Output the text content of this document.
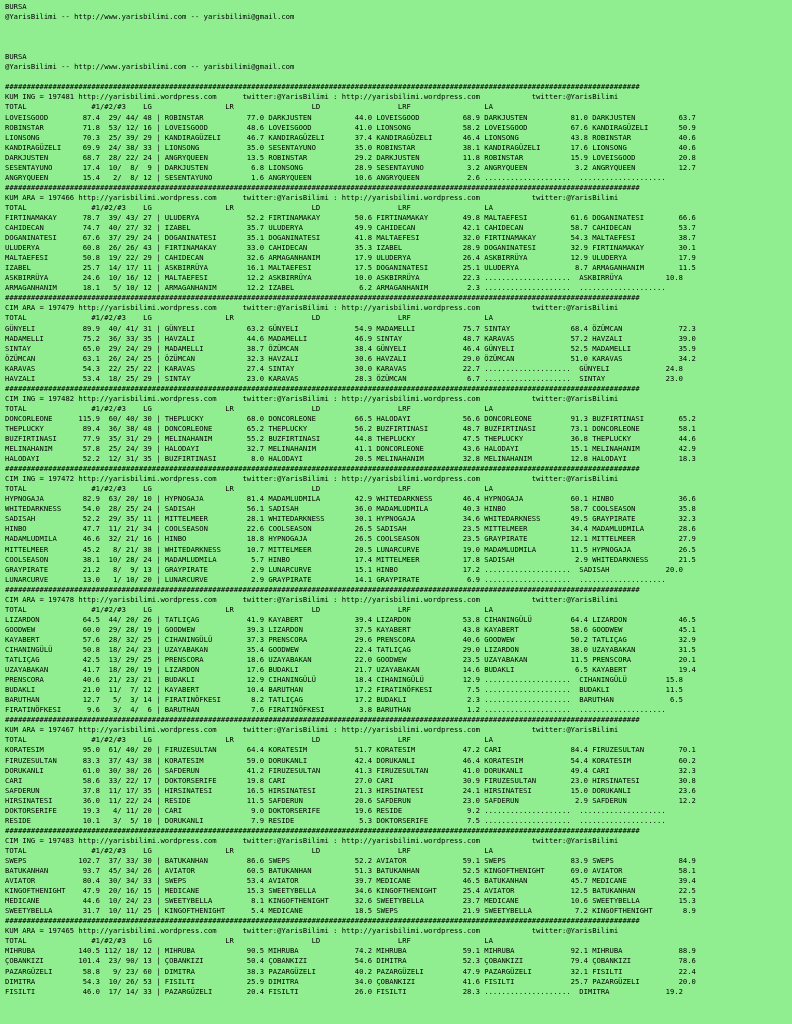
BURSA
@YarisBilimi -- http://www.yarisbilimi.com -- yarisbilimi@gmail.com
BURSA
@YarisBilimi -- http://www.yarisbilimi.com -- yarisbilimi@gmail.com
###################################################################################################################################################
KUM ING = 197481 http://yarisbilimi.wordpress.com      twitter:@YarisBilimi : http://yarisbilimi.wordpress.com            twitter:@YarisBilimi
TOTAL               #1/#2/#3    LG                 LR                  LD                  LRF                 LA
LOVEISGOOD        87.4  29/ 44/ 48 | ROBINSTAR          77.0 DARKJUSTEN          44.0 LOVEISGOOD          68.9 DARKJUSTEN          81.0 DARKJUSTEN          63.7
ROBINSTAR         71.8  53/ 12/ 16 | LOVEISGOOD         48.6 LOVEISGOOD          41.0 LIONSONG            58.2 LOVEISGOOD          67.6 KANDIRAGÜZELI       50.9
LIONSONG          70.3  25/ 39/ 29 | KANDIRAGÜZELI      46.7 KANDIRAGÜZELI       37.4 KANDIRAGÜZELI       46.4 LIONSONG            43.8 ROBINSTAR           40.6
KANDIRAGÜZELI     69.9  24/ 38/ 33 | LIONSONG           35.0 SESENTAYUNO         35.0 ROBINSTAR           38.1 KANDIRAGÜZELI       17.6 LIONSONG            40.6
DARKJUSTEN        68.7  28/ 22/ 24 | ANGRYQUEEN         13.5 ROBINSTAR           29.2 DARKJUSTEN          11.8 ROBINSTAR           15.9 LOVEISGOOD          20.8
SESENTAYUNO       17.4  10/  8/  9 | DARKJUSTEN          6.8 LIONSONG            28.9 SESENTAYUNO          3.2 ANGRYQUEEN           3.2 ANGRYQUEEN          12.7
ANGRYQUEEN        15.4   2/  8/ 12 | SESENTAYUNO         1.6 ANGRYQUEEN          10.6 ANGRYQUEEN           2.6 ....................  ....................
###################################################################################################################################################
KUM ARA = 197466 http://yarisbilimi.wordpress.com      twitter:@YarisBilimi : http://yarisbilimi.wordpress.com            twitter:@YarisBilimi
TOTAL               #1/#2/#3    LG                 LR                  LD                  LRF                 LA
FIRTINAMAKAY      78.7  39/ 43/ 27 | ULUDERYA           52.2 FIRTINAMAKAY        50.6 FIRTINAMAKAY        49.8 MALTAEFESI          61.6 DOGANINATESI        66.6
CAHIDECAN         74.7  40/ 27/ 32 | IZABEL             35.7 ULUDERYA            49.9 CAHIDECAN           42.1 CAHIDECAN           58.7 CAHIDECAN           53.7
DOGANINATESI      67.6  37/ 29/ 24 | DOGANINATESI       35.1 DOGANINATESI        41.8 MALTAEFESI          32.0 FIRTINAMAKAY        54.3 MALTAEFESI          38.7
ULUDERYA          60.8  26/ 26/ 43 | FIRTINAMAKAY       33.0 CAHIDECAN           35.3 IZABEL              28.9 DOGANINATESI        32.9 FIRTINAMAKAY        30.1
MALTAEFESI        50.8  19/ 22/ 29 | CAHIDECAN          32.6 ARMAGANHANIM        17.9 ULUDERYA            26.4 ASKBIRRÜYA          12.9 ULUDERYA            17.9
IZABEL            25.7  14/ 17/ 11 | ASKBIRRÜYA         16.1 MALTAEFESI          17.5 DOGANINATESI        25.1 ULUDERYA             8.7 ARMAGANHANIM        11.5
ASKBIRRÜYA        24.6  10/ 16/ 12 | MALTAEFESI         12.2 ASKBIRRÜYA          10.0 ASKBIRRÜYA          22.3 ....................  ASKBIRRÜYA          10.8
ARMAGANHANIM      18.1   5/ 10/ 12 | ARMAGANHANIM       12.2 IZABEL               6.2 ARMAGANHANIM         2.3 ....................  ....................
###################################################################################################################################################
CIM ARA = 197479 http://yarisbilimi.wordpress.com      twitter:@YarisBilimi : http://yarisbilimi.wordpress.com            twitter:@YarisBilimi
TOTAL               #1/#2/#3    LG                 LR                  LD                  LRF                 LA
GÜNYELI           89.9  40/ 41/ 31 | GÜNYELI            63.2 GÜNYELI             54.9 MADAMELLI           75.7 SINTAY              68.4 ÖZÜMCAN             72.3
MADAMELLI         75.2  36/ 33/ 35 | HAVZALI            44.6 MADAMELLI           46.9 SINTAY              48.7 KARAVAS             57.2 HAVZALI             39.0
SINTAY            65.0  29/ 24/ 29 | MADAMELLI          38.7 ÖZÜMCAN             38.4 GÜNYELI             46.4 GÜNYELI             52.5 MADAMELLI           35.9
ÖZÜMCAN           63.1  26/ 24/ 25 | ÖZÜMCAN            32.3 HAVZALI             30.6 HAVZALI             29.0 ÖZÜMCAN             51.0 KARAVAS             34.2
KARAVAS           54.3  22/ 25/ 22 | KARAVAS            27.4 SINTAY              30.0 KARAVAS             22.7 ....................  GÜNYELI             24.8
HAVZALI           53.4  18/ 25/ 29 | SINTAY             23.0 KARAVAS             28.3 ÖZÜMCAN              6.7 ....................  SINTAY              23.0
###################################################################################################################################################
CIM ING = 197482 http://yarisbilimi.wordpress.com      twitter:@YarisBilimi : http://yarisbilimi.wordpress.com            twitter:@YarisBilimi
TOTAL               #1/#2/#3    LG                 LR                  LD                  LRF                 LA
DONCORLEONE      115.9  60/ 40/ 30 | THEPLUCKY          68.0 DONCORLEONE         66.5 HALODAYI            56.6 DONCORLEONE         91.3 BUZFIRTINASI        65.2
THEPLUCKY         89.4  36/ 38/ 48 | DONCORLEONE        65.2 THEPLUCKY           56.2 BUZFIRTINASI        48.7 BUZFIRTINASI        73.1 DONCORLEONE         58.1
BUZFIRTINASI      77.9  35/ 31/ 29 | MELINAHANIM        55.2 BUZFIRTINASI        44.8 THEPLUCKY           47.5 THEPLUCKY           36.8 THEPLUCKY           44.6
MELINAHANIM       57.8  25/ 24/ 39 | HALODAYI           32.7 MELINAHANIM         41.1 DONCORLEONE         43.6 HALODAYI            15.1 MELINAHANIM         42.9
HALODAYI          52.2  12/ 31/ 35 | BUZFIRTINASI        8.0 HALODAYI            20.5 MELINAHANIM         32.8 MELINAHANIM         12.8 HALODAYI            18.3
###################################################################################################################################################
CIM ING = 197472 http://yarisbilimi.wordpress.com      twitter:@YarisBilimi : http://yarisbilimi.wordpress.com            twitter:@YarisBilimi
TOTAL               #1/#2/#3    LG                 LR                  LD                  LRF                 LA
HYPNOGAJA         82.9  63/ 20/ 10 | HYPNOGAJA          81.4 MADAMLUDMILA        42.9 WHITEDARKNESS       46.4 HYPNOGAJA           60.1 HINBO               36.6
WHITEDARKNESS     54.0  28/ 25/ 24 | SADISAH            56.1 SADISAH             36.0 MADAMLUDMILA        40.3 HINBO               58.7 COOLSEASON          35.8
SADISAH           52.2  29/ 35/ 11 | MITTELMEER         28.1 WHITEDARKNESS       30.1 HYPNOGAJA           34.6 WHITEDARKNESS       49.5 GRAYPIRATE          32.3
HINBO             47.7  11/ 21/ 34 | COOLSEASON         22.6 COOLSEASON          26.5 SADISAH             23.5 MITTELMEER          34.4 MADAMLUDMILA        28.6
MADAMLUDMILA      46.6  32/ 21/ 16 | HINBO              18.8 HYPNOGAJA           26.5 COOLSEASON          23.5 GRAYPIRATE          12.1 MITTELMEER          27.9
MITTELMEER        45.2   8/ 21/ 38 | WHITEDARKNESS      10.7 MITTELMEER          20.5 LUNARCURVE          19.0 MADAMLUDMILA        11.5 HYPNOGAJA           26.5
COOLSEASON        38.1  10/ 28/ 24 | MADAMLUDMILA        5.7 HINBO               17.4 MITTELMEER          17.8 SADISAH              2.9 WHITEDARKNESS       21.5
GRAYPIRATE        21.2   8/  9/ 13 | GRAYPIRATE          2.9 LUNARCURVE          15.1 HINBO               17.2 ....................  SADISAH             20.0
LUNARCURVE        13.0   1/ 10/ 20 | LUNARCURVE          2.9 GRAYPIRATE          14.1 GRAYPIRATE           6.9 ....................  ....................
###################################################################################################################################################
CIM ARA = 197478 http://yarisbilimi.wordpress.com      twitter:@YarisBilimi : http://yarisbilimi.wordpress.com            twitter:@YarisBilimi
TOTAL               #1/#2/#3    LG                 LR                  LD                  LRF                 LA
LIZARDON          64.5  44/ 20/ 26 | TATLIÇAG           41.9 KAYABERT            39.4 LIZARDON            53.8 CIHANINGÜLÜ         64.4 LIZARDON            46.5
GOODWEW           60.0  29/ 28/ 19 | GOODWEW            39.3 LIZARDON            37.5 KAYABERT            43.8 KAYABERT            58.6 GOODWEW             45.1
KAYABERT          57.6  28/ 32/ 25 | CIHANINGÜLÜ        37.3 PRENSCORA           29.6 PRENSCORA           40.6 GOODWEW             50.2 TATLIÇAG            32.9
CIHANINGÜLÜ       50.8  18/ 24/ 23 | UZAYABAKAN         35.4 GOODWEW             22.4 TATLIÇAG            29.0 LIZARDON            38.0 UZAYABAKAN          31.5
TATLIÇAG          42.5  13/ 29/ 25 | PRENSCORA          18.6 UZAYABAKAN          22.0 GOODWEW             23.5 UZAYABAKAN          11.5 PRENSCORA           20.1
UZAYABAKAN        41.7  18/ 20/ 19 | LIZARDON           17.6 BUDAKLI             21.7 UZAYABAKAN          14.6 BUDAKLI              6.5 KAYABERT            19.4
PRENSCORA         40.6  21/ 23/ 21 | BUDAKLI            12.9 CIHANINGÜLÜ         18.4 CIHANINGÜLÜ         12.9 ....................  CIHANINGÜLÜ         15.8
BUDAKLI           21.0  11/  7/ 12 | KAYABERT           10.4 BARUTHAN            17.2 FIRATINÖFKESI        7.5 ....................  BUDAKLI             11.5
BARUTHAN          12.7   5/  3/ 14 | FIRATINÖFKESI       8.2 TATLIÇAG            17.2 BUDAKLI              2.3 ....................  BARUTHAN             6.5
FIRATINÖFKESI      9.6   3/  4/  6 | BARUTHAN            7.6 FIRATINÖFKESI        3.8 BARUTHAN             1.2 ....................  ....................
###################################################################################################################################################
KUM ARA = 197467 http://yarisbilimi.wordpress.com      twitter:@YarisBilimi : http://yarisbilimi.wordpress.com            twitter:@YarisBilimi
TOTAL               #1/#2/#3    LG                 LR                  LD                  LRF                 LA
KORATESIM         95.0  61/ 40/ 20 | FIRUZESULTAN       64.4 KORATESIM           51.7 KORATESIM           47.2 CARI                84.4 FIRUZESULTAN        70.1
FIRUZESULTAN      83.3  37/ 43/ 38 | KORATESIM          59.0 DORUKANLI           42.4 DORUKANLI           46.4 KORATESIM           54.4 KORATESIM           60.2
DORUKANLI         61.0  30/ 30/ 26 | SAFDERUN           41.2 FIRUZESULTAN        41.3 FIRUZESULTAN        41.0 DORUKANLI           49.4 CARI                32.3
CARI              58.6  33/ 22/ 17 | DOKTORSERIFE       19.8 CARI                27.0 CARI                30.9 FIRUZESULTAN        23.0 HIRSINATESI         30.8
SAFDERUN          37.8  11/ 17/ 35 | HIRSINATESI        16.5 HIRSINATESI         21.3 HIRSINATESI         24.1 HIRSINATESI         15.0 DORUKANLI           23.6
HIRSINATESI       36.0  11/ 22/ 24 | RESIDE             11.5 SAFDERUN            20.6 SAFDERUN            23.0 SAFDERUN             2.9 SAFDERUN            12.2
DOKTORSERIFE      19.3   4/ 11/ 20 | CARI                9.0 DOKTORSERIFE        19.6 RESIDE               9.2 ....................  ....................
RESIDE            10.1   3/  5/ 10 | DORUKANLI           7.9 RESIDE               5.3 DOKTORSERIFE         7.5 ....................  ....................
###################################################################################################################################################
CIM ING = 197483 http://yarisbilimi.wordpress.com      twitter:@YarisBilimi : http://yarisbilimi.wordpress.com            twitter:@YarisBilimi
TOTAL               #1/#2/#3    LG                 LR                  LD                  LRF                 LA
SWEPS            102.7  37/ 33/ 30 | BATUKANHAN         86.6 SWEPS               52.2 AVIATOR             59.1 SWEPS               83.9 SWEPS               84.9
BATUKANHAN        93.7  45/ 34/ 26 | AVIATOR            60.5 BATUKANHAN          51.3 BATUKANHAN          52.5 KINGOFTHENIGHT      69.0 AVIATOR             58.1
AVIATOR           80.4  30/ 34/ 33 | SWEPS              53.4 AVIATOR             39.7 MEDICANE            46.5 BATUKANHAN          45.7 MEDICANE            39.4
KINGOFTHENIGHT    47.9  20/ 16/ 15 | MEDICANE           15.3 SWEETYBELLA         34.6 KINGOFTHENIGHT      25.4 AVIATOR             12.5 BATUKANHAN          22.5
MEDICANE          44.6  10/ 24/ 23 | SWEETYBELLA         8.1 KINGOFTHENIGHT      32.6 SWEETYBELLA         23.7 MEDICANE            10.6 SWEETYBELLA         15.3
SWEETYBELLA       31.7  10/ 11/ 25 | KINGOFTHENIGHT      5.4 MEDICANE            18.5 SWEPS               21.9 SWEETYBELLA          7.2 KINGOFTHENIGHT       8.9
###################################################################################################################################################
KUM ARA = 197465 http://yarisbilimi.wordpress.com      twitter:@YarisBilimi : http://yarisbilimi.wordpress.com            twitter:@YarisBilimi
TOTAL               #1/#2/#3    LG                 LR                  LD                  LRF                 LA
MIHRUBA          140.5 112/ 18/ 12 | MIHRUBA            90.5 MIHRUBA             74.2 MIHRUBA             59.1 MIHRUBA             92.1 MIHRUBA             88.9
ÇOBANKIZI        101.4  23/ 90/ 13 | ÇOBANKIZI          50.4 ÇOBANKIZI           54.6 DIMITRA             52.3 ÇOBANKIZI           79.4 ÇOBANKIZI           78.6
PAZARGÜZELI       58.8   9/ 23/ 60 | DIMITRA            38.3 PAZARGÜZELI         40.2 PAZARGÜZELI         47.9 PAZARGÜZELI         32.1 FISILTI             22.4
DIMITRA           54.3  10/ 26/ 53 | FISILTI            25.9 DIMITRA             34.0 ÇOBANKIZI           41.6 FISILTI             25.7 PAZARGÜZELI         20.0
FISILTI           46.0  17/ 14/ 33 | PAZARGÜZELI        20.4 FISILTI             26.0 FISILTI             28.3 ....................  DIMITRA             19.2
